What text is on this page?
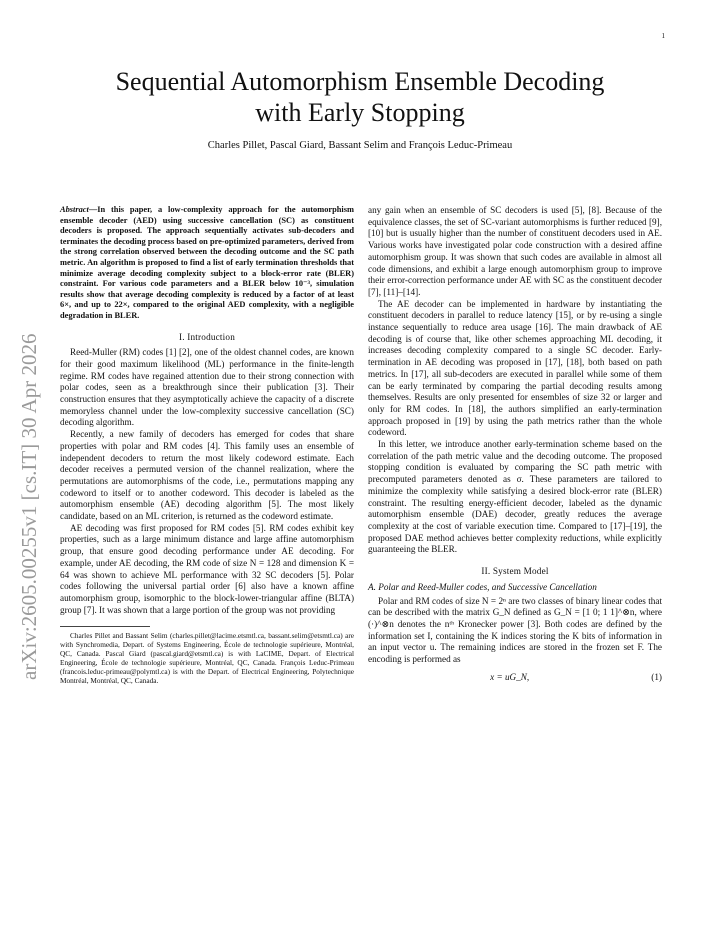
1
arXiv:2605.00255v1 [cs.IT] 30 Apr 2026
Sequential Automorphism Ensemble Decoding
with Early Stopping
Charles Pillet, Pascal Giard, Bassant Selim and François Leduc-Primeau

Abstract—In this paper, a low-complexity approach for the automorphism ensemble decoder (AED) using successive cancellation (SC) as constituent decoders is proposed. The approach sequentially activates sub-decoders and terminates the decoding process based on pre-optimized parameters, derived from the strong correlation observed between the decoding outcome and the SC path metric. An algorithm is proposed to find a list of early termination thresholds that minimize average decoding complexity subject to a block-error rate (BLER) constraint. For various code parameters and a BLER below 10⁻³, simulation results show that average decoding complexity is reduced by a factor of at least 6×, and up to 22×, compared to the original AED complexity, with a negligible degradation in BLER.

I. Introduction

Reed-Muller (RM) codes [1] [2], one of the oldest channel codes, are known for their good maximum likelihood (ML) performance in the finite-length regime. RM codes have regained attention due to their strong connection with polar codes, seen as a breakthrough since their publication [3]. Their construction ensures that they asymptotically achieve the capacity of a discrete memoryless channel under the low-complexity successive cancellation (SC) decoding algorithm.

Recently, a new family of decoders has emerged for codes that share properties with polar and RM codes [4]. This family uses an ensemble of independent decoders to return the most likely codeword estimate. Each decoder receives a permuted version of the channel realization, where the permutations are automorphisms of the code, i.e., permutations mapping any codeword to itself or to another codeword. This decoder is labeled as the automorphism ensemble (AE) decoding algorithm [5]. The most likely candidate, based on an ML criterion, is returned as the codeword estimate.

AE decoding was first proposed for RM codes [5]. RM codes exhibit key properties, such as a large minimum distance and large affine automorphism group, that ensure good decoding performance under AE decoding. For example, under AE decoding, the RM code of size N = 128 and dimension K = 64 was shown to achieve ML performance with 32 SC decoders [5]. Polar codes following the universal partial order [6] also have a known affine automorphism group, isomorphic to the block-lower-triangular affine (BLTA) group [7]. It was shown that a large portion of the group was not providing

Charles Pillet and Bassant Selim (charles.pillet@lacime.etsmtl.ca, bassant.selim@etsmtl.ca) are with Synchromedia, Depart. of Systems Engineering, École de technologie supérieure, Montréal, QC, Canada. Pascal Giard (pascal.giard@etsmtl.ca) is with LaCIME, Depart. of Electrical Engineering, École de technologie supérieure, Montréal, QC, Canada. François Leduc-Primeau (francois.leduc-primeau@polymtl.ca) is with the Depart. of Electrical Engineering, Polytechnique Montréal, Montréal, QC, Canada.

any gain when an ensemble of SC decoders is used [5], [8]. Because of the equivalence classes, the set of SC-variant automorphisms is further reduced [9], [10] but is usually higher than the number of constituent decoders used in AE. Various works have investigated polar code construction with a desired affine automorphism group. It was shown that such codes are available in almost all code dimensions, and exhibit a large enough automorphism group to improve their error-correction performance under AE with SC as the constituent decoder [7], [11]–[14].

The AE decoder can be implemented in hardware by instantiating the constituent decoders in parallel to reduce latency [15], or by re-using a single instance sequentially to reduce area usage [16]. The main drawback of AE decoding is of course that, like other schemes approaching ML decoding, it increases decoding complexity compared to a single SC decoder. Early-termination in AE decoding was proposed in [17], [18], both based on path metrics. In [17], all sub-decoders are executed in parallel while some of them can be early terminated by comparing the partial decoding results among themselves. Results are only presented for ensembles of size 32 or larger and only for RM codes. In [18], the authors simplified an early-termination approach proposed in [19] by using the path metrics rather than the whole codeword.

In this letter, we introduce another early-termination scheme based on the correlation of the path metric value and the decoding outcome. The proposed stopping condition is evaluated by comparing the SC path metric with precomputed parameters denoted as σ. These parameters are tailored to minimize the complexity while satisfying a desired block-error rate (BLER) constraint. The resulting energy-efficient decoder, labeled as the dynamic automorphism ensemble (DAE) decoder, greatly reduces the average complexity at the cost of variable execution time. Compared to [17]–[19], the proposed DAE method achieves better complexity reductions, while explicitly guaranteeing the BLER.

II. System Model
A. Polar and Reed-Muller codes, and Successive Cancellation

Polar and RM codes of size N = 2ⁿ are two classes of binary linear codes that can be described with the matrix G_N defined as G_N = [1 0; 1 1]^⊗n, where (·)^⊗n denotes the nᵗʰ Kronecker power [3]. Both codes are defined by the information set I, containing the K indices storing the K bits of information in an input vector u. The remaining indices are stored in the frozen set F. The encoding is performed as

x = uG_N,	(1)
